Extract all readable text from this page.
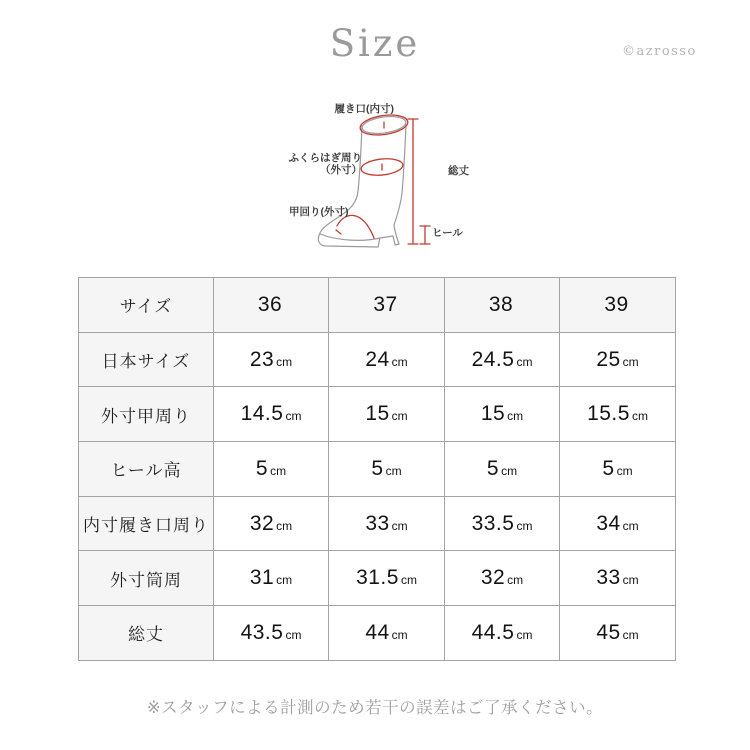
Size	©azrosso
履き口(内寸)
ふくらはぎ周り
（外寸）
甲回り(外寸)
総丈
ヒール
サイズ	36	37	38	39
日本サイズ	23 cm	24 cm	24.5 cm	25 cm
外寸甲周り	14.5 cm	15 cm	15 cm	15.5 cm
ヒール高	5 cm	5 cm	5 cm	5 cm
内寸履き口周り	32 cm	33 cm	33.5 cm	34 cm
外寸筒周	31 cm	31.5 cm	32 cm	33 cm
総丈	43.5 cm	44 cm	44.5 cm	45 cm

※スタッフによる計測のため若干の誤差はご了承ください。
